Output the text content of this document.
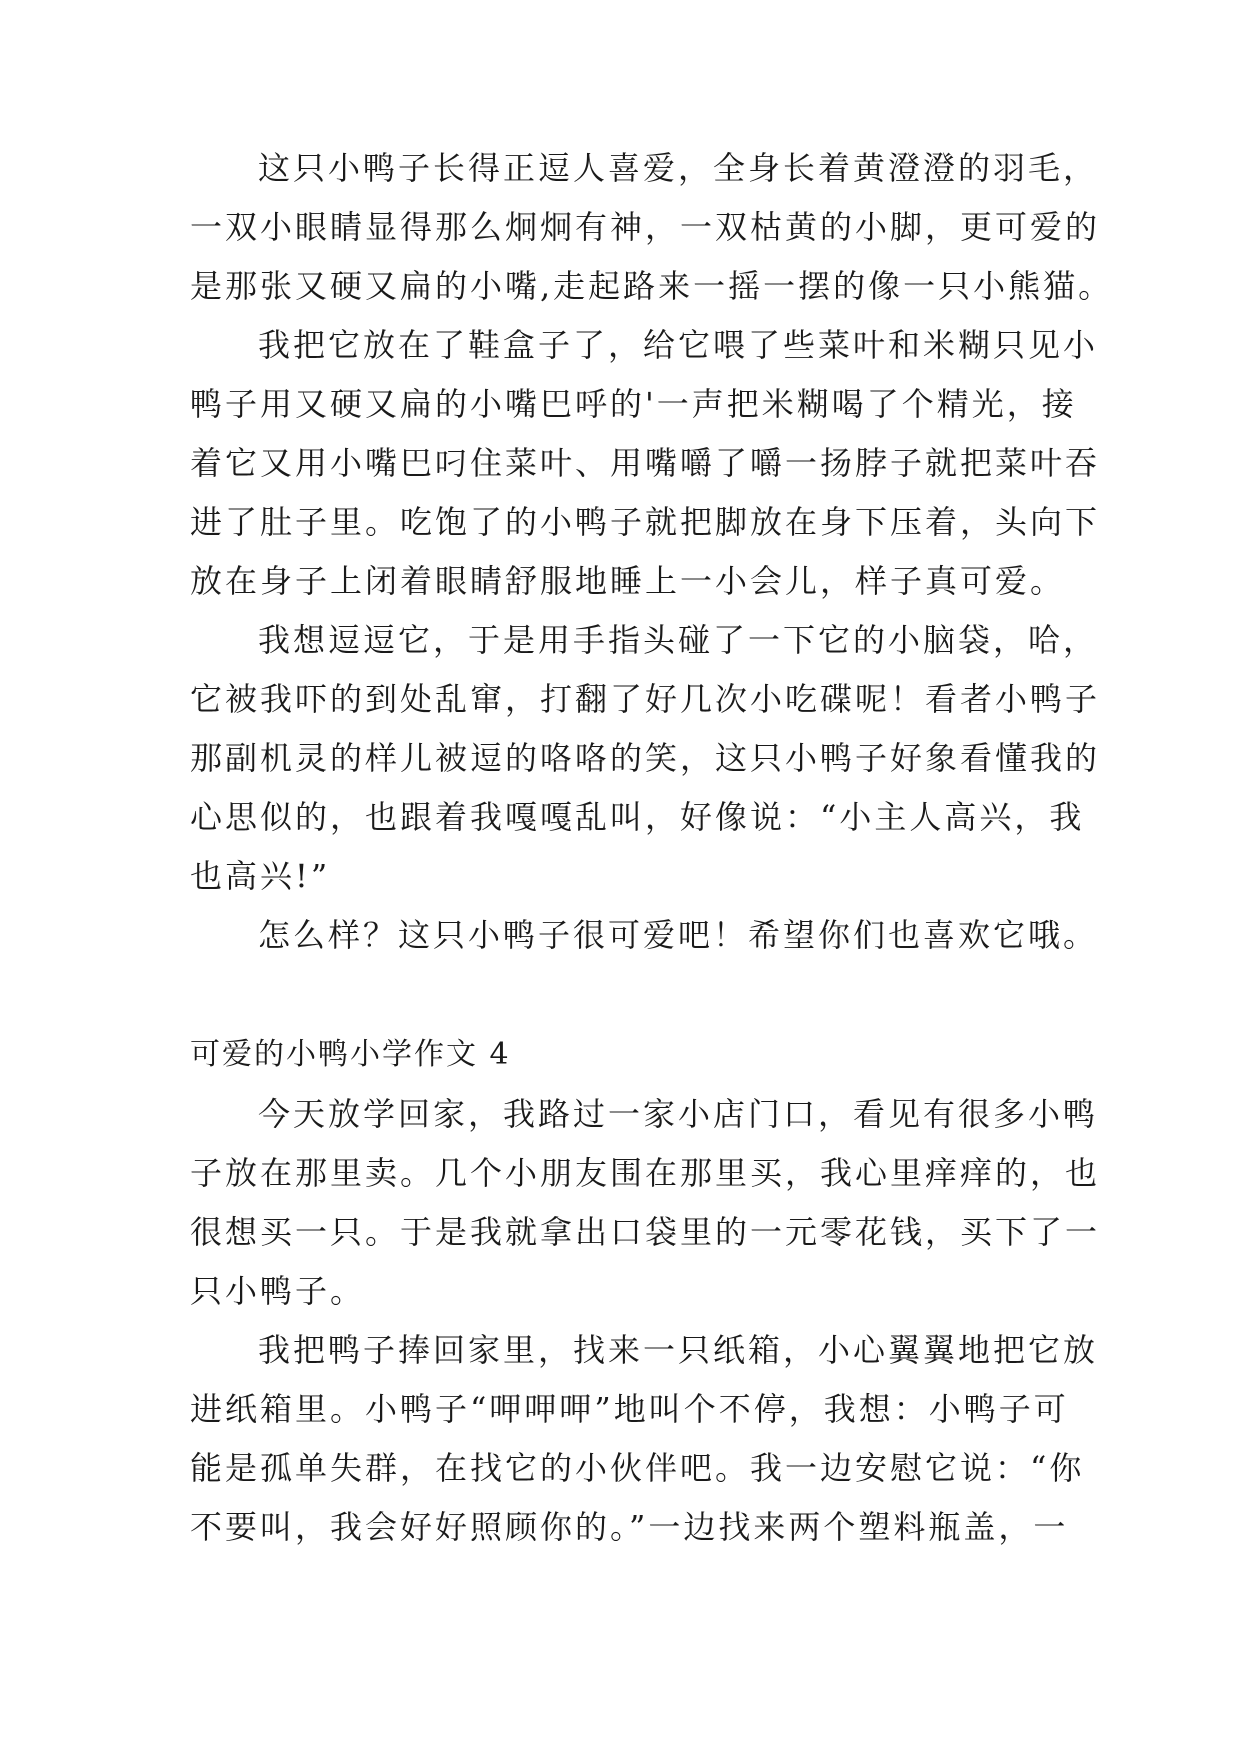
这只小鸭子长得正逗人喜爱，全身长着黄澄澄的羽毛，
一双小眼睛显得那么炯炯有神，一双枯黄的小脚，更可爱的
是那张又硬又扁的小嘴,走起路来一摇一摆的像一只小熊猫。
我把它放在了鞋盒子了，给它喂了些菜叶和米糊只见小
鸭子用又硬又扁的小嘴巴呼的'一声把米糊喝了个精光，接
着它又用小嘴巴叼住菜叶、用嘴嚼了嚼一扬脖子就把菜叶吞
进了肚子里。吃饱了的小鸭子就把脚放在身下压着，头向下
放在身子上闭着眼睛舒服地睡上一小会儿，样子真可爱。
我想逗逗它，于是用手指头碰了一下它的小脑袋，哈，
它被我吓的到处乱窜，打翻了好几次小吃碟呢！看者小鸭子
那副机灵的样儿被逗的咯咯的笑，这只小鸭子好象看懂我的
心思似的，也跟着我嘎嘎乱叫，好像说：“小主人高兴，我
也高兴!”
怎么样？这只小鸭子很可爱吧！希望你们也喜欢它哦。
可爱的小鸭小学作文 4
今天放学回家，我路过一家小店门口，看见有很多小鸭
子放在那里卖。几个小朋友围在那里买，我心里痒痒的，也
很想买一只。于是我就拿出口袋里的一元零花钱，买下了一
只小鸭子。
我把鸭子捧回家里，找来一只纸箱，小心翼翼地把它放
进纸箱里。小鸭子“呷呷呷”地叫个不停，我想：小鸭子可
能是孤单失群，在找它的小伙伴吧。我一边安慰它说：“你
不要叫，我会好好照顾你的。”一边找来两个塑料瓶盖，一
